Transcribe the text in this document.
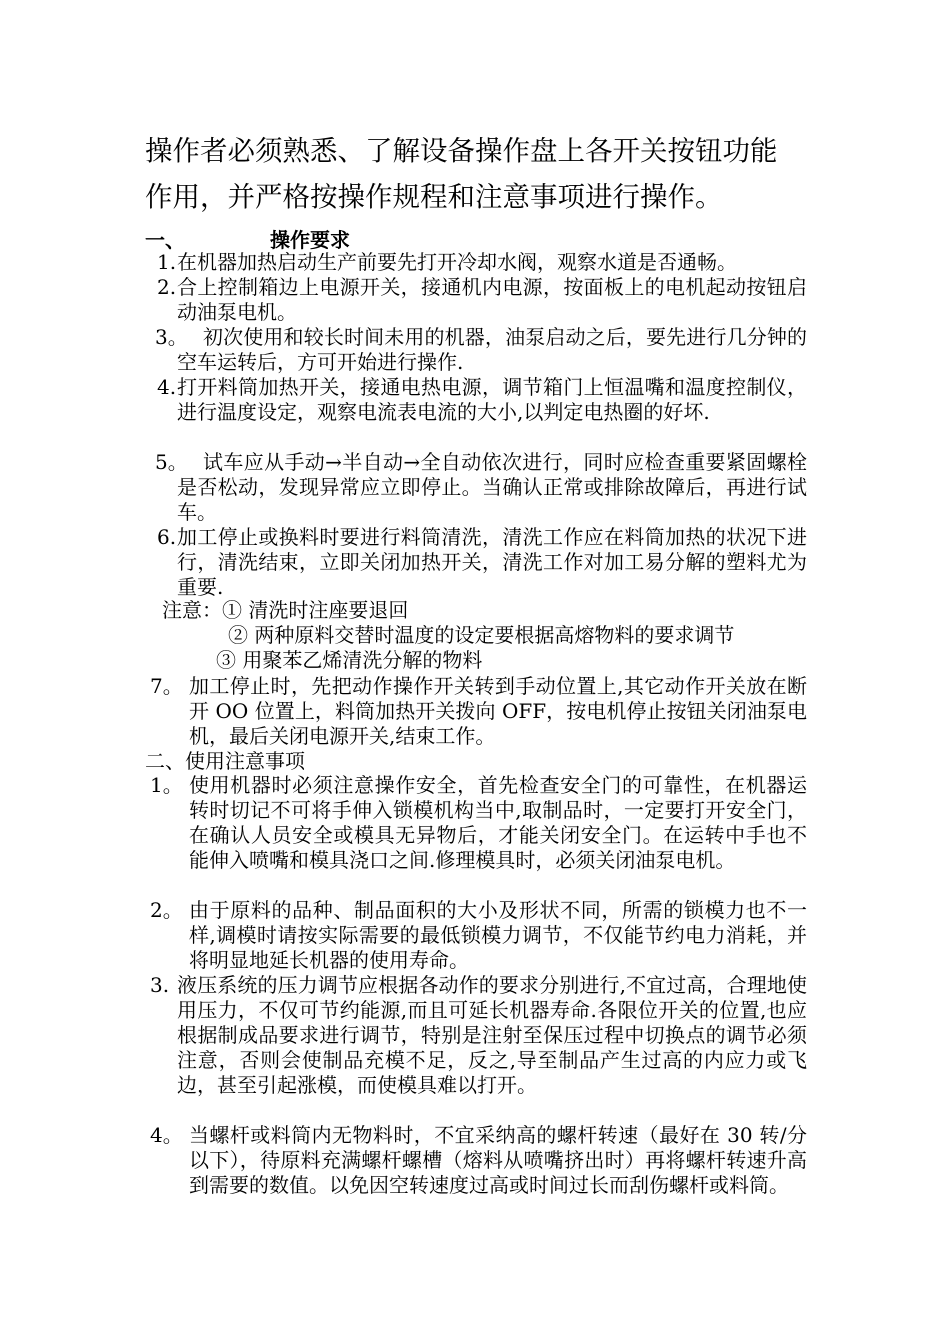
操作者必须熟悉、了解设备操作盘上各开关按钮功能
作用，并严格按操作规程和注意事项进行操作。
一、	操作要求
1. 在机器加热启动生产前要先打开冷却水阀，观察水道是否通畅。
2. 合上控制箱边上电源开关，接通机内电源，按面板上的电机起动按钮启动油泵电机。
3。 初次使用和较长时间未用的机器，油泵启动之后，要先进行几分钟的空车运转后，方可开始进行操作.
4. 打开料筒加热开关，接通电热电源，调节箱门上恒温嘴和温度控制仪，进行温度设定，观察电流表电流的大小,以判定电热圈的好坏.
5。 试车应从手动→半自动→全自动依次进行，同时应检查重要紧固螺栓是否松动，发现异常应立即停止。当确认正常或排除故障后，再进行试车。
6. 加工停止或换料时要进行料筒清洗，清洗工作应在料筒加热的状况下进行，清洗结束，立即关闭加热开关，清洗工作对加工易分解的塑料尤为重要.
注意：① 清洗时注座要退回
② 两种原料交替时温度的设定要根据高熔物料的要求调节
③ 用聚苯乙烯清洗分解的物料
7。 加工停止时，先把动作操作开关转到手动位置上,其它动作开关放在断开 OO 位置上，料筒加热开关拨向 OFF，按电机停止按钮关闭油泵电机，最后关闭电源开关,结束工作。
二、使用注意事项
1。 使用机器时必须注意操作安全，首先检查安全门的可靠性，在机器运转时切记不可将手伸入锁模机构当中,取制品时，一定要打开安全门，在确认人员安全或模具无异物后，才能关闭安全门。在运转中手也不能伸入喷嘴和模具浇口之间.修理模具时，必须关闭油泵电机。
2。 由于原料的品种、制品面积的大小及形状不同，所需的锁模力也不一样,调模时请按实际需要的最低锁模力调节，不仅能节约电力消耗，并将明显地延长机器的使用寿命。
3. 液压系统的压力调节应根据各动作的要求分别进行,不宜过高，合理地使用压力，不仅可节约能源,而且可延长机器寿命.各限位开关的位置,也应根据制成品要求进行调节，特别是注射至保压过程中切换点的调节必须注意，否则会使制品充模不足，反之,导至制品产生过高的内应力或飞边，甚至引起涨模，而使模具难以打开。
4。 当螺杆或料筒内无物料时，不宜采纳高的螺杆转速（最好在 30 转/分以下），待原料充满螺杆螺槽（熔料从喷嘴挤出时）再将螺杆转速升高到需要的数值。以免因空转速度过高或时间过长而刮伤螺杆或料筒。
